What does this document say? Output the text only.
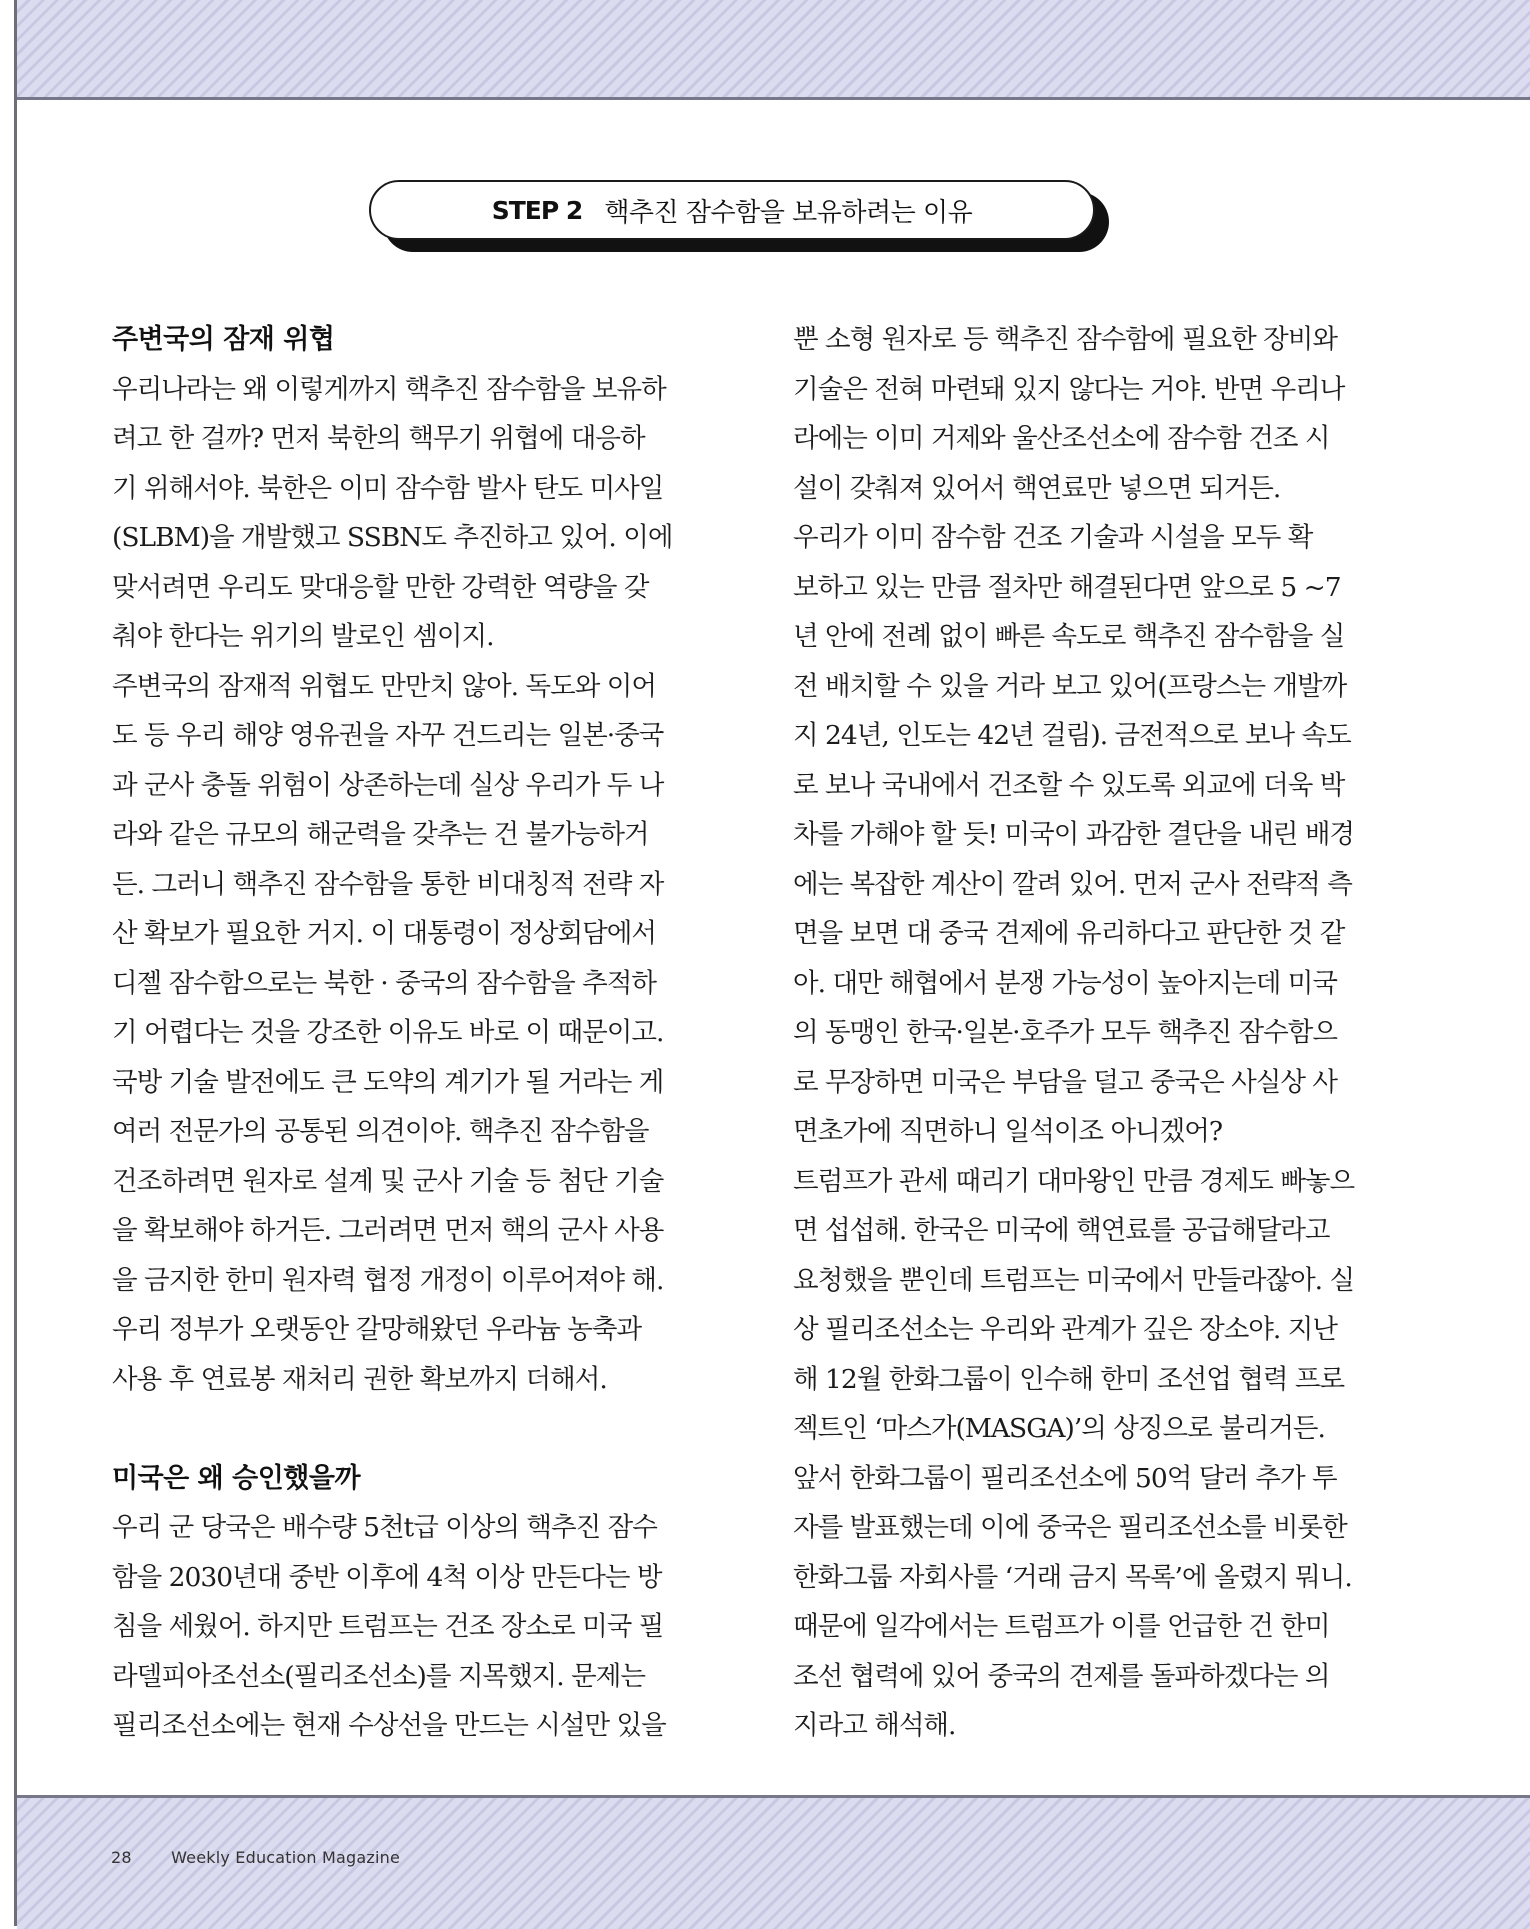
STEP 2 핵추진 잠수함을 보유하려는 이유
주변국의 잠재 위협
우리나라는 왜 이렇게까지 핵추진 잠수함을 보유하
려고 한 걸까? 먼저 북한의 핵무기 위협에 대응하
기 위해서야. 북한은 이미 잠수함 발사 탄도 미사일
(SLBM)을 개발했고 SSBN도 추진하고 있어. 이에
맞서려면 우리도 맞대응할 만한 강력한 역량을 갖
춰야 한다는 위기의 발로인 셈이지.
주변국의 잠재적 위협도 만만치 않아. 독도와 이어
도 등 우리 해양 영유권을 자꾸 건드리는 일본·중국
과 군사 충돌 위험이 상존하는데 실상 우리가 두 나
라와 같은 규모의 해군력을 갖추는 건 불가능하거
든. 그러니 핵추진 잠수함을 통한 비대칭적 전략 자
산 확보가 필요한 거지. 이 대통령이 정상회담에서
디젤 잠수함으로는 북한 · 중국의 잠수함을 추적하
기 어렵다는 것을 강조한 이유도 바로 이 때문이고.
국방 기술 발전에도 큰 도약의 계기가 될 거라는 게
여러 전문가의 공통된 의견이야. 핵추진 잠수함을
건조하려면 원자로 설계 및 군사 기술 등 첨단 기술
을 확보해야 하거든. 그러려면 먼저 핵의 군사 사용
을 금지한 한미 원자력 협정 개정이 이루어져야 해.
우리 정부가 오랫동안 갈망해왔던 우라늄 농축과
사용 후 연료봉 재처리 권한 확보까지 더해서.
미국은 왜 승인했을까
우리 군 당국은 배수량 5천t급 이상의 핵추진 잠수
함을 2030년대 중반 이후에 4척 이상 만든다는 방
침을 세웠어. 하지만 트럼프는 건조 장소로 미국 필
라델피아조선소(필리조선소)를 지목했지. 문제는
필리조선소에는 현재 수상선을 만드는 시설만 있을
뿐 소형 원자로 등 핵추진 잠수함에 필요한 장비와
기술은 전혀 마련돼 있지 않다는 거야. 반면 우리나
라에는 이미 거제와 울산조선소에 잠수함 건조 시
설이 갖춰져 있어서 핵연료만 넣으면 되거든.
우리가 이미 잠수함 건조 기술과 시설을 모두 확
보하고 있는 만큼 절차만 해결된다면 앞으로 5 ~7
년 안에 전례 없이 빠른 속도로 핵추진 잠수함을 실
전 배치할 수 있을 거라 보고 있어(프랑스는 개발까
지 24년, 인도는 42년 걸림). 금전적으로 보나 속도
로 보나 국내에서 건조할 수 있도록 외교에 더욱 박
차를 가해야 할 듯! 미국이 과감한 결단을 내린 배경
에는 복잡한 계산이 깔려 있어. 먼저 군사 전략적 측
면을 보면 대 중국 견제에 유리하다고 판단한 것 같
아. 대만 해협에서 분쟁 가능성이 높아지는데 미국
의 동맹인 한국·일본·호주가 모두 핵추진 잠수함으
로 무장하면 미국은 부담을 덜고 중국은 사실상 사
면초가에 직면하니 일석이조 아니겠어?
트럼프가 관세 때리기 대마왕인 만큼 경제도 빠놓으
면 섭섭해. 한국은 미국에 핵연료를 공급해달라고
요청했을 뿐인데 트럼프는 미국에서 만들라잖아. 실
상 필리조선소는 우리와 관계가 깊은 장소야. 지난
해 12월 한화그룹이 인수해 한미 조선업 협력 프로
젝트인 ‘마스가(MASGA)’의 상징으로 불리거든.
앞서 한화그룹이 필리조선소에 50억 달러 추가 투
자를 발표했는데 이에 중국은 필리조선소를 비롯한
한화그룹 자회사를 ‘거래 금지 목록’에 올렸지 뭐니.
때문에 일각에서는 트럼프가 이를 언급한 건 한미
조선 협력에 있어 중국의 견제를 돌파하겠다는 의
지라고 해석해.
28 Weekly Education Magazine
